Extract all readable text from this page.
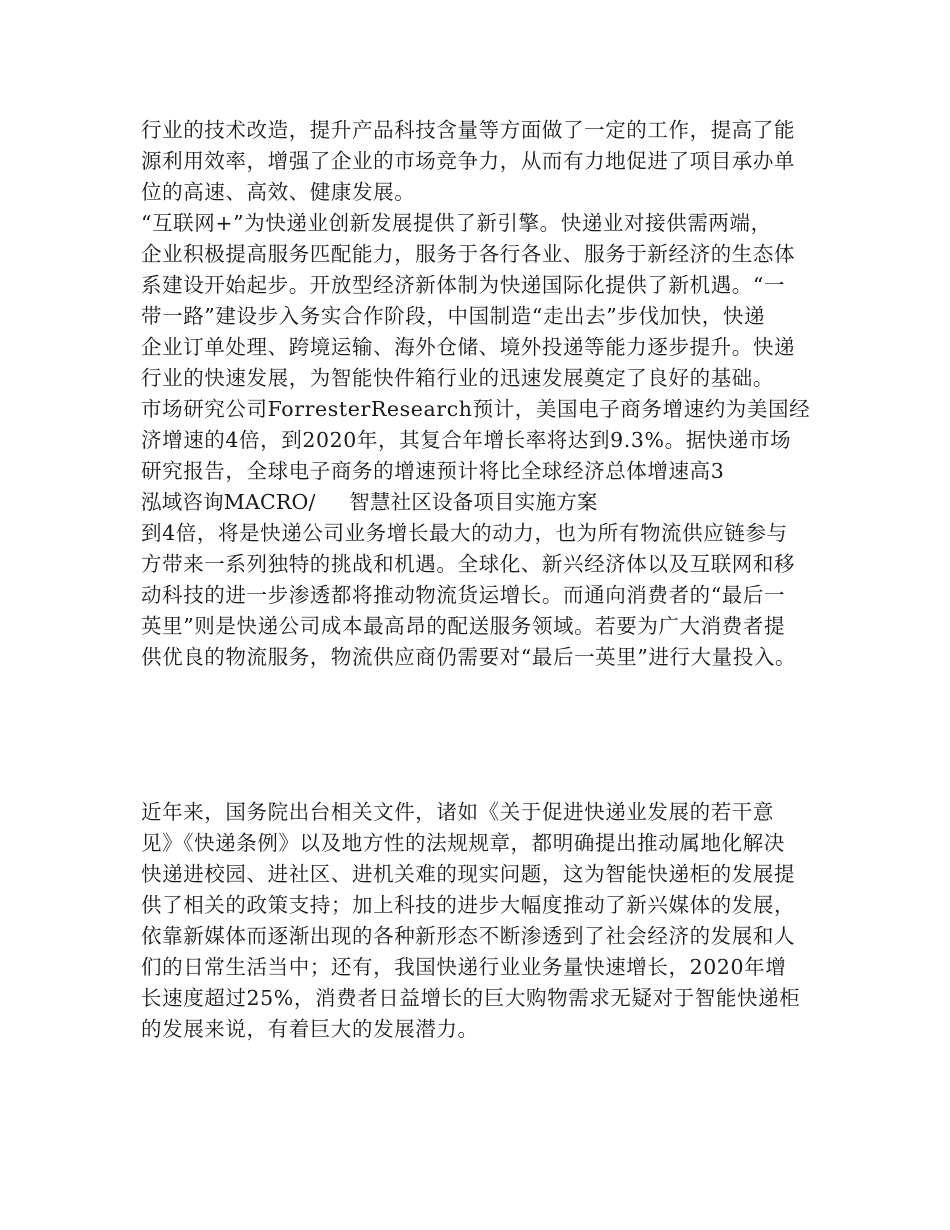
行业的技术改造，提升产品科技含量等方面做了一定的工作，提高了能
源利用效率，增强了企业的市场竞争力，从而有力地促进了项目承办单
位的高速、高效、健康发展。
“互联网+”为快递业创新发展提供了新引擎。快递业对接供需两端，
企业积极提高服务匹配能力，服务于各行各业、服务于新经济的生态体
系建设开始起步。开放型经济新体制为快递国际化提供了新机遇。“一
带一路”建设步入务实合作阶段，中国制造“走出去”步伐加快，快递
企业订单处理、跨境运输、海外仓储、境外投递等能力逐步提升。快递
行业的快速发展，为智能快件箱行业的迅速发展奠定了良好的基础。
市场研究公司ForresterResearch预计，美国电子商务增速约为美国经
济增速的4倍，到2020年，其复合年增长率将达到9.3%。据快递市场
研究报告，全球电子商务的增速预计将比全球经济总体增速高3
泓域咨询MACRO/     智慧社区设备项目实施方案
到4倍，将是快递公司业务增长最大的动力，也为所有物流供应链参与
方带来一系列独特的挑战和机遇。全球化、新兴经济体以及互联网和移
动科技的进一步渗透都将推动物流货运增长。而通向消费者的“最后一
英里”则是快递公司成本最高昂的配送服务领域。若要为广大消费者提
供优良的物流服务，物流供应商仍需要对“最后一英里”进行大量投入。
近年来，国务院出台相关文件，诸如《关于促进快递业发展的若干意
见》《快递条例》以及地方性的法规规章，都明确提出推动属地化解决
快递进校园、进社区、进机关难的现实问题，这为智能快递柜的发展提
供了相关的政策支持；加上科技的进步大幅度推动了新兴媒体的发展，
依靠新媒体而逐渐出现的各种新形态不断渗透到了社会经济的发展和人
们的日常生活当中；还有，我国快递行业业务量快速增长，2020年增
长速度超过25%，消费者日益增长的巨大购物需求无疑对于智能快递柜
的发展来说，有着巨大的发展潜力。
